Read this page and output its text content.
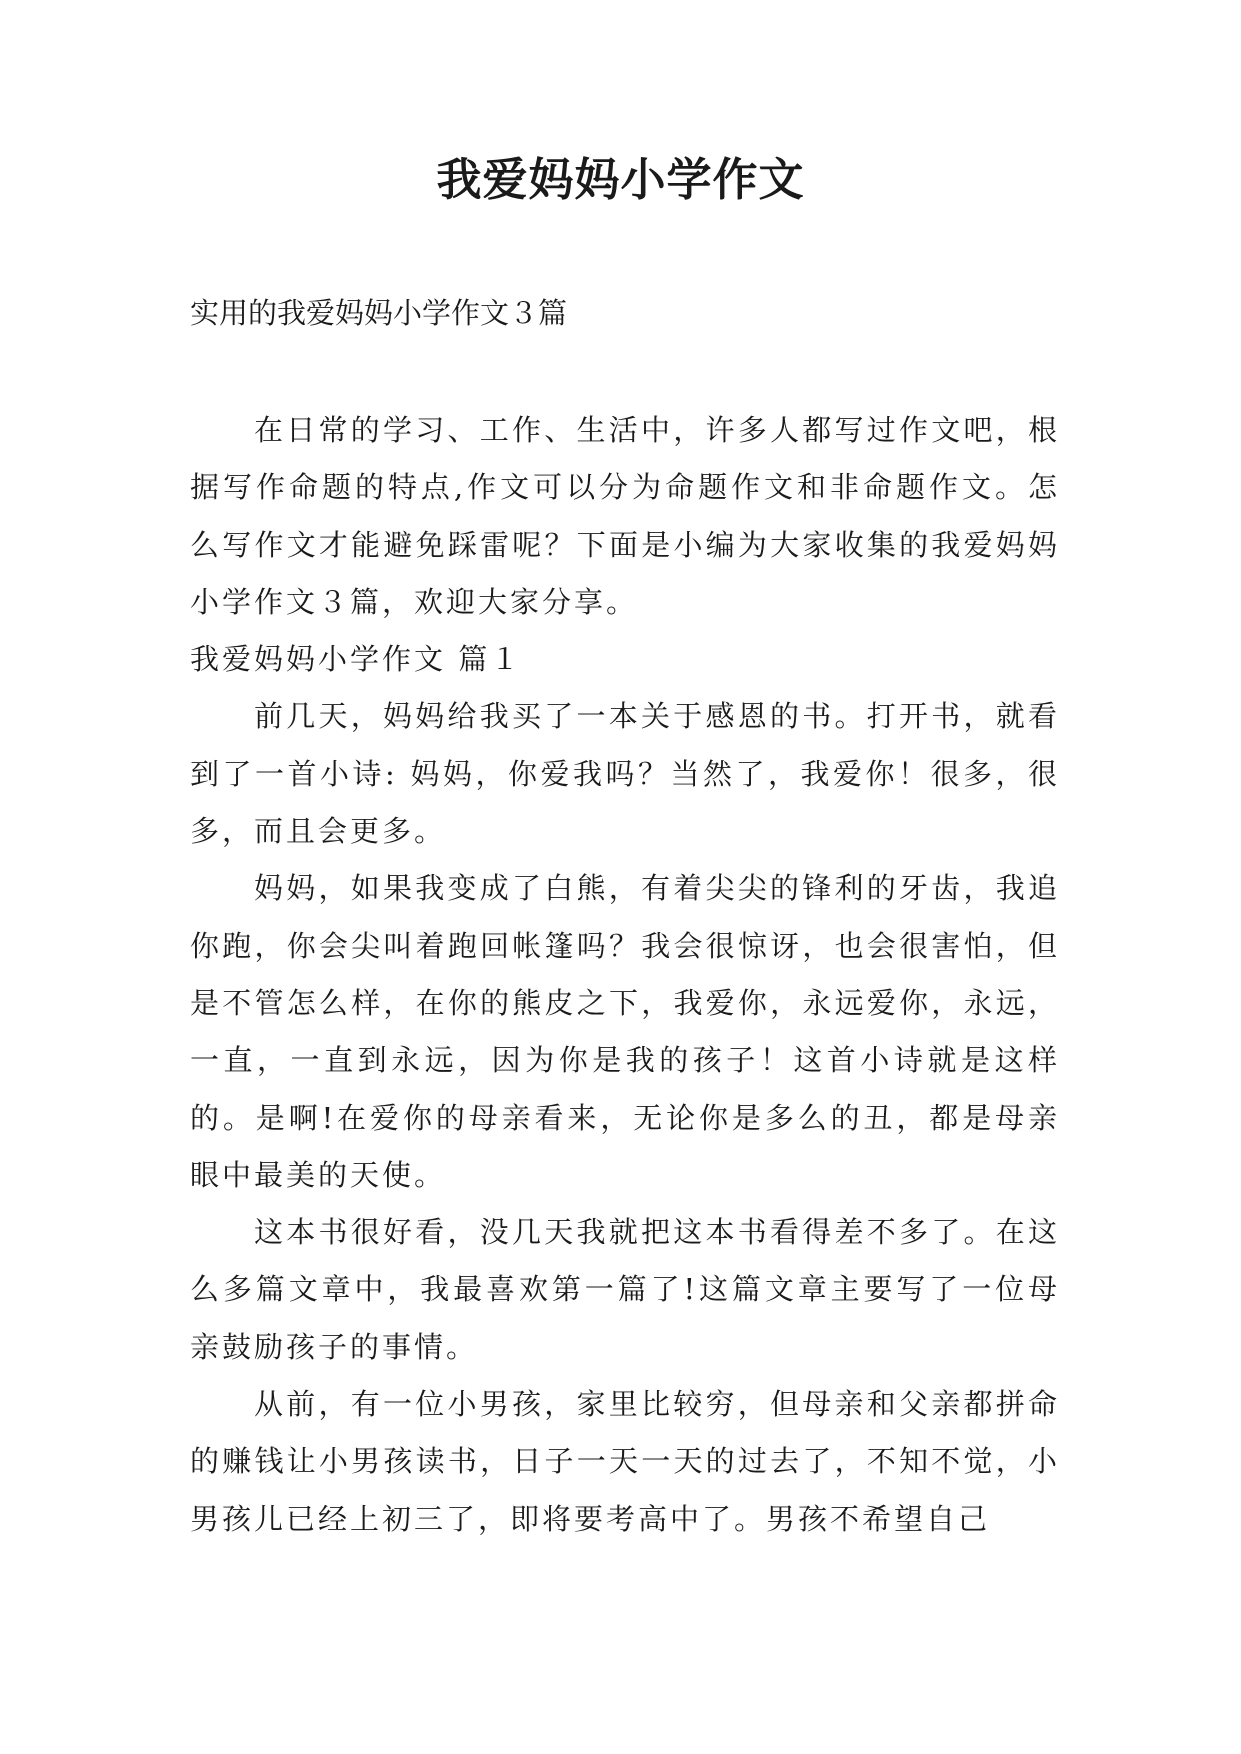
我爱妈妈小学作文
实用的我爱妈妈小学作文３篇

在日常的学习、工作、生活中，许多人都写过作文吧，根据写作命题的特点,作文可以分为命题作文和非命题作文。怎么写作文才能避免踩雷呢？下面是小编为大家收集的我爱妈妈小学作文３篇，欢迎大家分享。

我爱妈妈小学作文 篇１

前几天，妈妈给我买了一本关于感恩的书。打开书，就看到了一首小诗: 妈妈，你爱我吗？当然了，我爱你！很多，很多，而且会更多。

妈妈，如果我变成了白熊，有着尖尖的锋利的牙齿，我追你跑，你会尖叫着跑回帐篷吗？我会很惊讶，也会很害怕，但是不管怎么样，在你的熊皮之下，我爱你，永远爱你，永远，一直，一直到永远，因为你是我的孩子！这首小诗就是这样的。是啊!在爱你的母亲看来，无论你是多么的丑，都是母亲眼中最美的天使。

这本书很好看，没几天我就把这本书看得差不多了。在这么多篇文章中，我最喜欢第一篇了!这篇文章主要写了一位母亲鼓励孩子的事情。

从前，有一位小男孩，家里比较穷，但母亲和父亲都拼命的赚钱让小男孩读书，日子一天一天的过去了，不知不觉，小男孩儿已经上初三了，即将要考高中了。男孩不希望自己
